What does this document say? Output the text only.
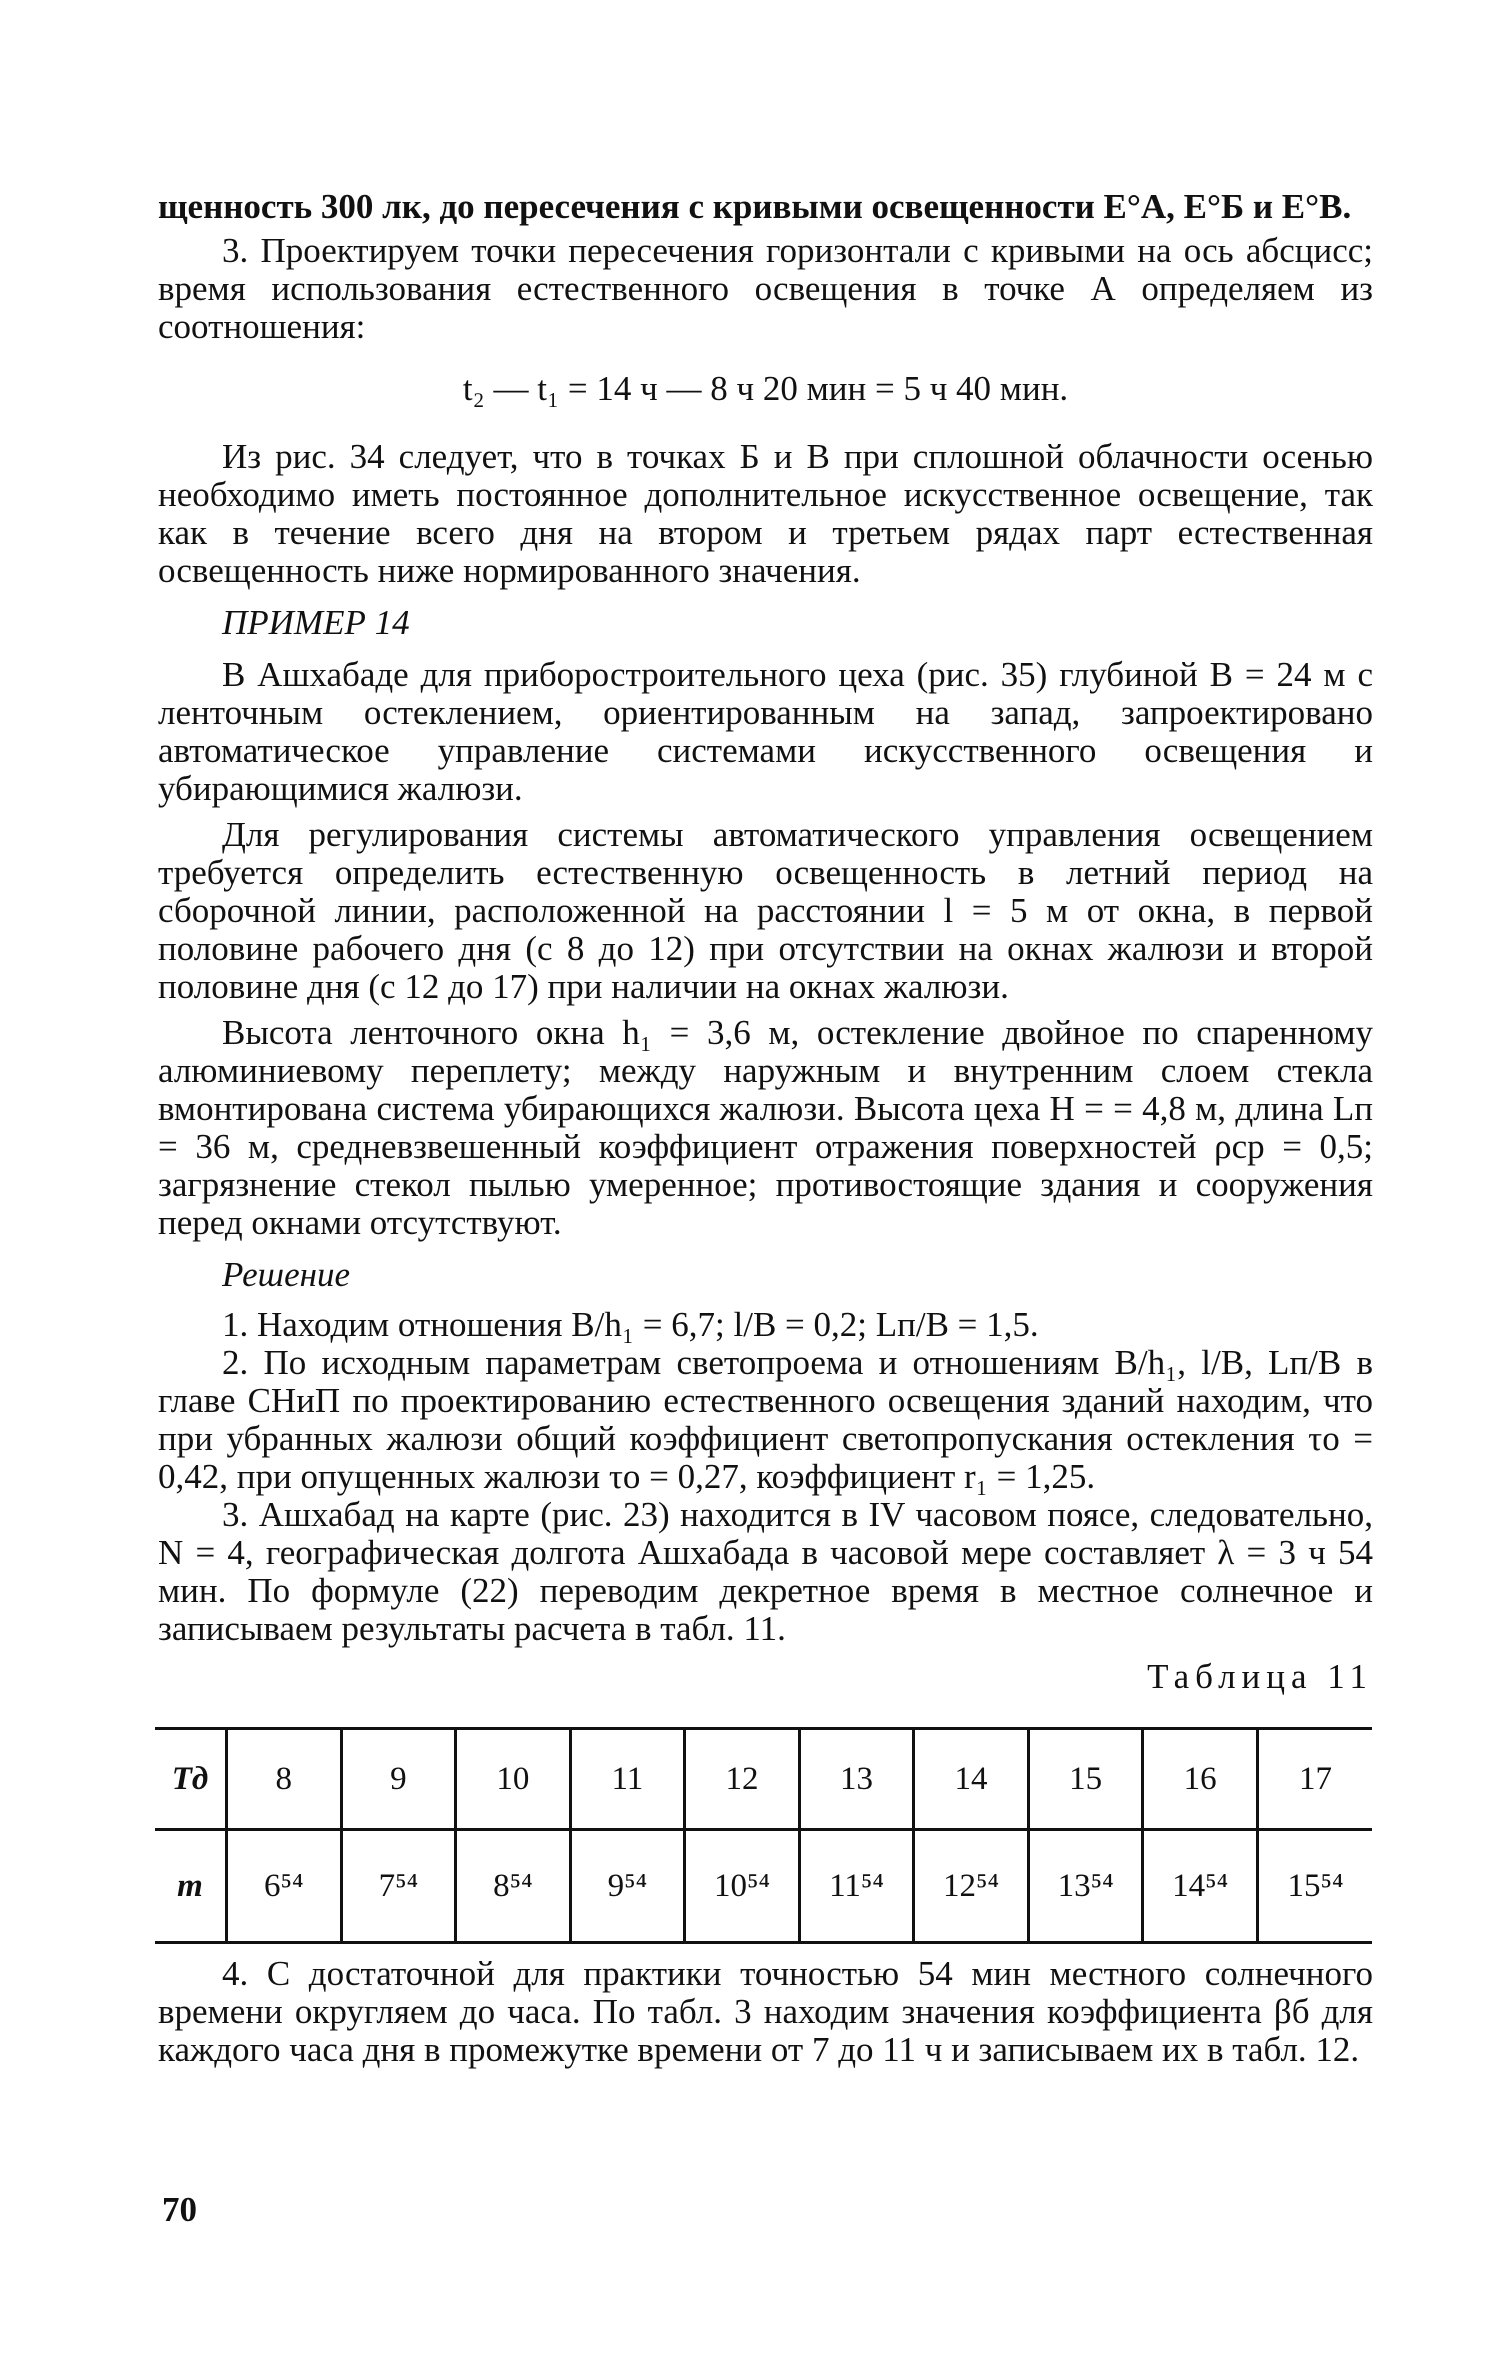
щенность 300 лк, до пересечения с кривыми освещенности E°А, E°Б и E°В.

3. Проектируем точки пересечения горизонтали с кривыми на ось абсцисс; время использования естественного освещения в точке А определяем из соотношения:

t₂ — t₁ = 14 ч — 8 ч 20 мин = 5 ч 40 мин.

Из рис. 34 следует, что в точках Б и В при сплошной облачности осенью необходимо иметь постоянное дополнительное искусственное освещение, так как в течение всего дня на втором и третьем рядах парт естественная освещенность ниже нормированного значения.

ПРИМЕР 14

В Ашхабаде для приборостроительного цеха (рис. 35) глубиной B = 24 м с ленточным остеклением, ориентированным на запад, запроектировано автоматическое управление системами искусственного освещения и убирающимися жалюзи.

Для регулирования системы автоматического управления освещением требуется определить естественную освещенность в летний период на сборочной линии, расположенной на расстоянии l = 5 м от окна, в первой половине рабочего дня (с 8 до 12) при отсутствии на окнах жалюзи и второй половине дня (с 12 до 17) при наличии на окнах жалюзи.

Высота ленточного окна h₁ = 3,6 м, остекление двойное по спаренному алюминиевому переплету; между наружным и внутренним слоем стекла вмонтирована система убирающихся жалюзи. Высота цеха H = = 4,8 м, длина Lп = 36 м, средневзвешенный коэффициент отражения поверхностей ρср = 0,5; загрязнение стекол пылью умеренное; противостоящие здания и сооружения перед окнами отсутствуют.

Решение

1. Находим отношения B/h₁ = 6,7; l/B = 0,2; Lп/B = 1,5.

2. По исходным параметрам светопроема и отношениям B/h₁, l/B, Lп/B в главе СНиП по проектированию естественного освещения зданий находим, что при убранных жалюзи общий коэффициент светопропускания остекления τо = 0,42, при опущенных жалюзи τо = 0,27, коэффициент r₁ = 1,25.

3. Ашхабад на карте (рис. 23) находится в IV часовом поясе, следовательно, N = 4, географическая долгота Ашхабада в часовой мере составляет λ = 3 ч 54 мин. По формуле (22) переводим декретное время в местное солнечное и записываем результаты расчета в табл. 11.

Таблица 11

Тд	8	9	10	11	12	13	14	15	16	17
m	6⁵⁴	7⁵⁴	8⁵⁴	9⁵⁴	10⁵⁴	11⁵⁴	12⁵⁴	13⁵⁴	14⁵⁴	15⁵⁴

4. С достаточной для практики точностью 54 мин местного солнечного времени округляем до часа. По табл. 3 находим значения коэффициента βб для каждого часа дня в промежутке времени от 7 до 11 ч и записываем их в табл. 12.

70
